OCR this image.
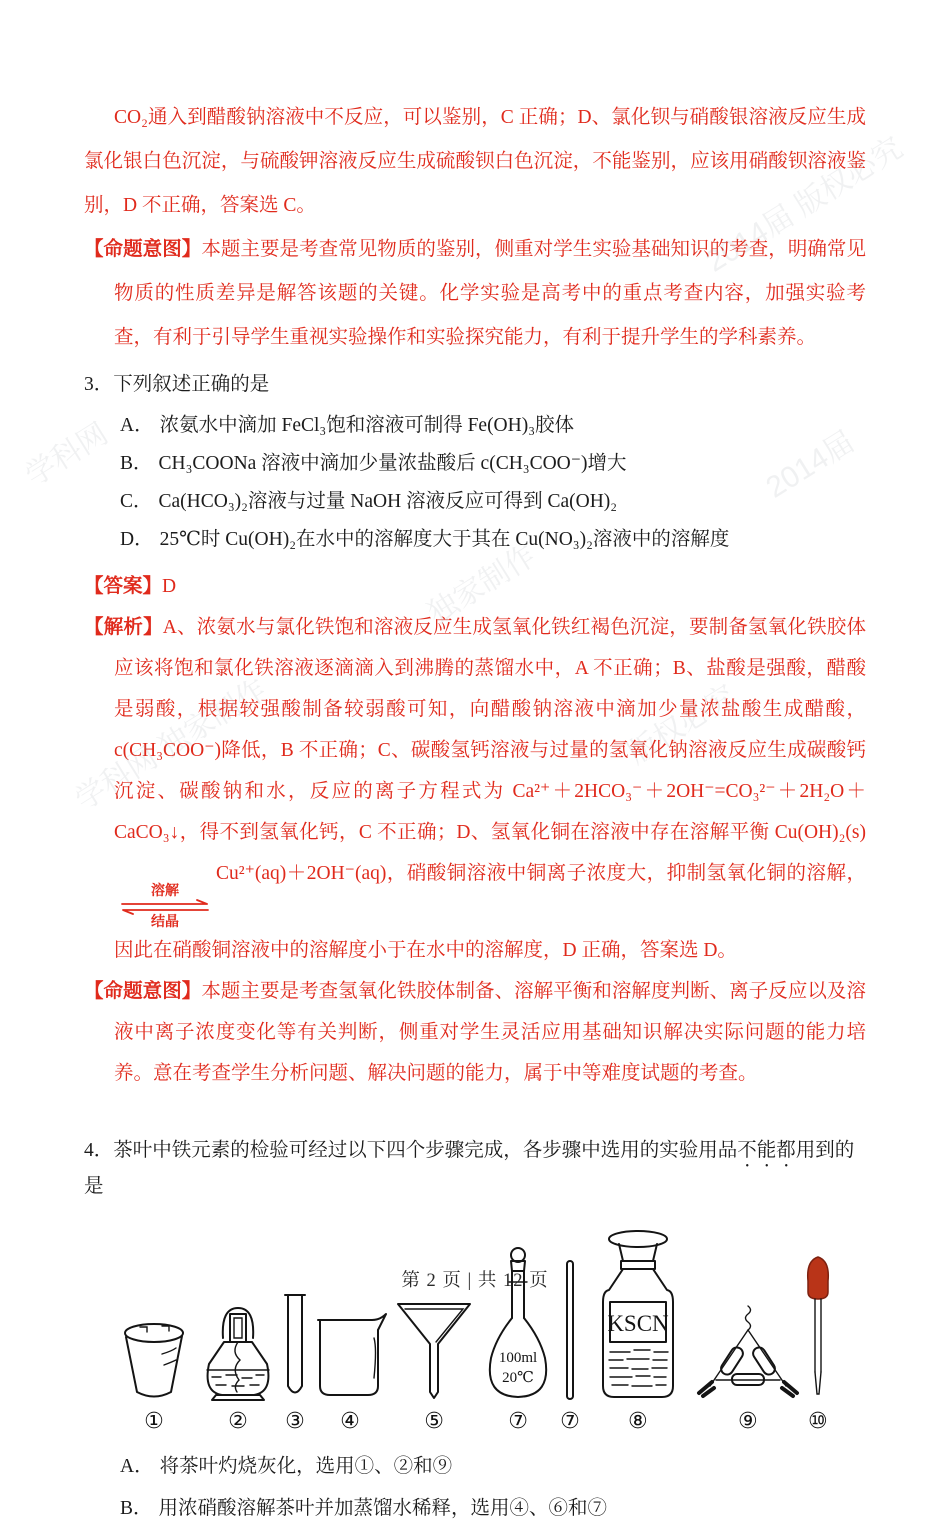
学科网
2014届 版权必究
独家制作
学科网 独家制作	版权必究
2014届

CO₂通入到醋酸钠溶液中不反应，可以鉴别，C 正确；D、氯化钡与硝酸银溶液反应生成氯化银白色沉淀，与硫酸钾溶液反应生成硫酸钡白色沉淀，不能鉴别，应该用硝酸钡溶液鉴别，D 不正确，答案选 C。

【命题意图】本题主要是考查常见物质的鉴别，侧重对学生实验基础知识的考查，明确常见物质的性质差异是解答该题的关键。化学实验是高考中的重点考查内容，加强实验考查，有利于引导学生重视实验操作和实验探究能力，有利于提升学生的学科素养。

3．下列叙述正确的是

A． 浓氨水中滴加 FeCl₃饱和溶液可制得 Fe(OH)₃胶体

B． CH₃COONa 溶液中滴加少量浓盐酸后 c(CH₃COO⁻)增大

C． Ca(HCO₃)₂溶液与过量 NaOH 溶液反应可得到 Ca(OH)₂

D． 25℃时 Cu(OH)₂在水中的溶解度大于其在 Cu(NO₃)₂溶液中的溶解度

【答案】D

【解析】A、浓氨水与氯化铁饱和溶液反应生成氢氧化铁红褐色沉淀，要制备氢氧化铁胶体应该将饱和氯化铁溶液逐滴滴入到沸腾的蒸馏水中，A 不正确；B、盐酸是强酸，醋酸是弱酸，根据较强酸制备较弱酸可知，向醋酸钠溶液中滴加少量浓盐酸生成醋酸，c(CH₃COO⁻)降低，B 不正确；C、碳酸氢钙溶液与过量的氢氧化钠溶液反应生成碳酸钙沉淀、碳酸钠和水，反应的离子方程式为 Ca²⁺＋2HCO₃⁻＋2OH⁻=CO₃²⁻＋2H₂O＋CaCO₃↓，得不到氢氧化钙，C 不正确；D、氢氧化铜在溶液中存在溶解平衡 Cu(OH)₂(s)
溶解
结晶
Cu²⁺(aq)＋2OH⁻(aq)，硝酸铜溶液中铜离子浓度大，抑制氢氧化铜的溶解，因此在硝酸铜溶液中的溶解度小于在水中的溶解度，D 正确，答案选 D。

【命题意图】本题主要是考查氢氧化铁胶体制备、溶解平衡和溶解度判断、离子反应以及溶液中离子浓度变化等有关判断，侧重对学生灵活应用基础知识解决实际问题的能力培养。意在考查学生分析问题、解决问题的能力，属于中等难度试题的考查。

4．茶叶中铁元素的检验可经过以下四个步骤完成，各步骤中选用的实验用品不能都用到的是

①	② ③ ④	⑤
100ml
20℃
⑦ ⑦
KSCN
⑧	⑨ ⑩

A． 将茶叶灼烧灰化，选用①、②和⑨

B． 用浓硝酸溶解茶叶并加蒸馏水稀释，选用④、⑥和⑦

第 2 页 | 共 12 页
